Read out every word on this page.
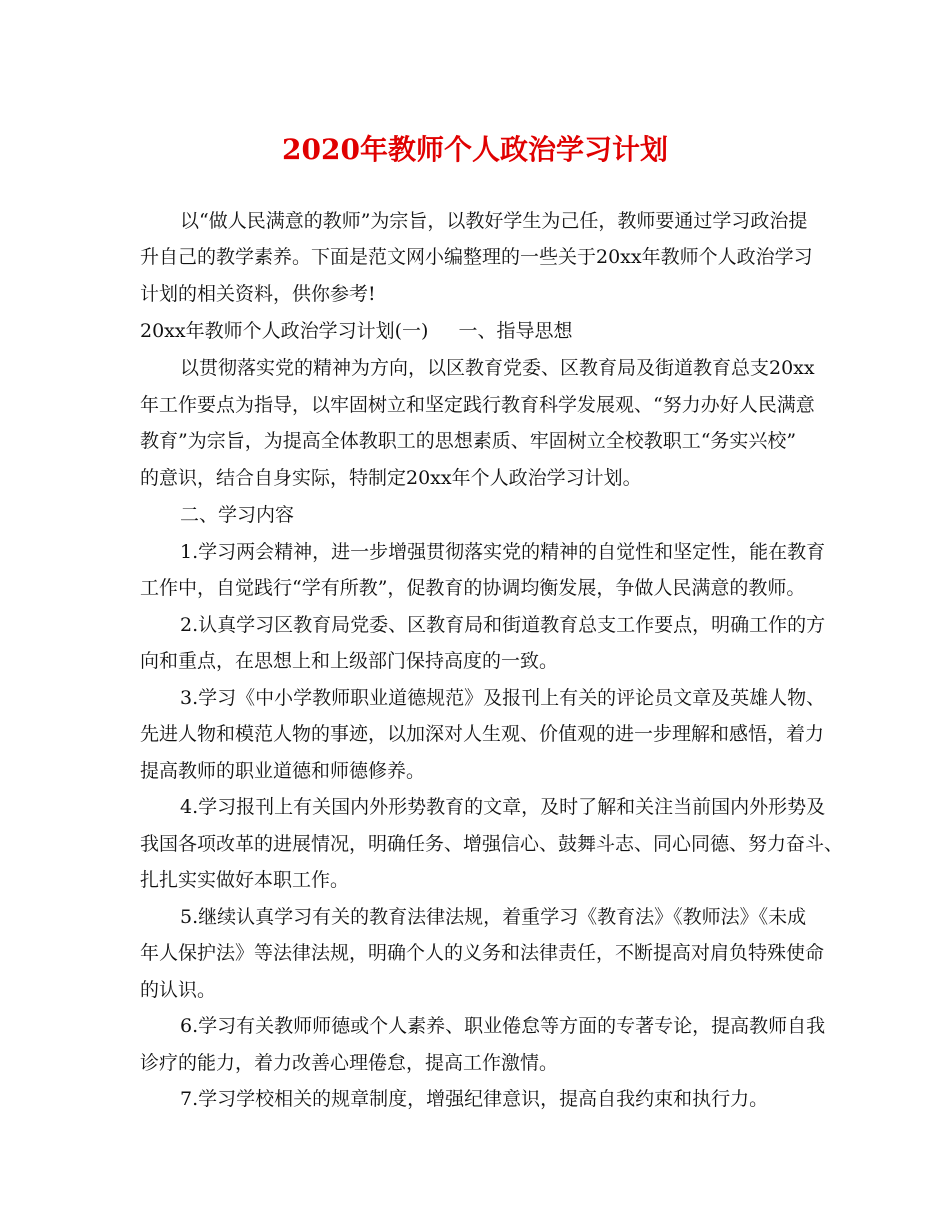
2020年教师个人政治学习计划
以“做人民满意的教师”为宗旨，以教好学生为己任，教师要通过学习政治提
升自己的教学素养。下面是范文网小编整理的一些关于20xx年教师个人政治学习
计划的相关资料，供你参考!
20xx年教师个人政治学习计划(一) 一、指导思想
以贯彻落实党的精神为方向，以区教育党委、区教育局及街道教育总支20xx
年工作要点为指导，以牢固树立和坚定践行教育科学发展观、“努力办好人民满意
教育”为宗旨，为提高全体教职工的思想素质、牢固树立全校教职工“务实兴校”
的意识，结合自身实际，特制定20xx年个人政治学习计划。
二、学习内容
1.学习两会精神，进一步增强贯彻落实党的精神的自觉性和坚定性，能在教育
工作中，自觉践行“学有所教”，促教育的协调均衡发展，争做人民满意的教师。
2.认真学习区教育局党委、区教育局和街道教育总支工作要点，明确工作的方
向和重点，在思想上和上级部门保持高度的一致。
3.学习《中小学教师职业道德规范》及报刊上有关的评论员文章及英雄人物、
先进人物和模范人物的事迹，以加深对人生观、价值观的进一步理解和感悟，着力
提高教师的职业道德和师德修养。
4.学习报刊上有关国内外形势教育的文章，及时了解和关注当前国内外形势及
我国各项改革的进展情况，明确任务、增强信心、鼓舞斗志、同心同德、努力奋斗、
扎扎实实做好本职工作。
5.继续认真学习有关的教育法律法规，着重学习《教育法》《教师法》《未成
年人保护法》等法律法规，明确个人的义务和法律责任，不断提高对肩负特殊使命
的认识。
6.学习有关教师师德或个人素养、职业倦怠等方面的专著专论，提高教师自我
诊疗的能力，着力改善心理倦怠，提高工作激情。
7.学习学校相关的规章制度，增强纪律意识，提高自我约束和执行力。
